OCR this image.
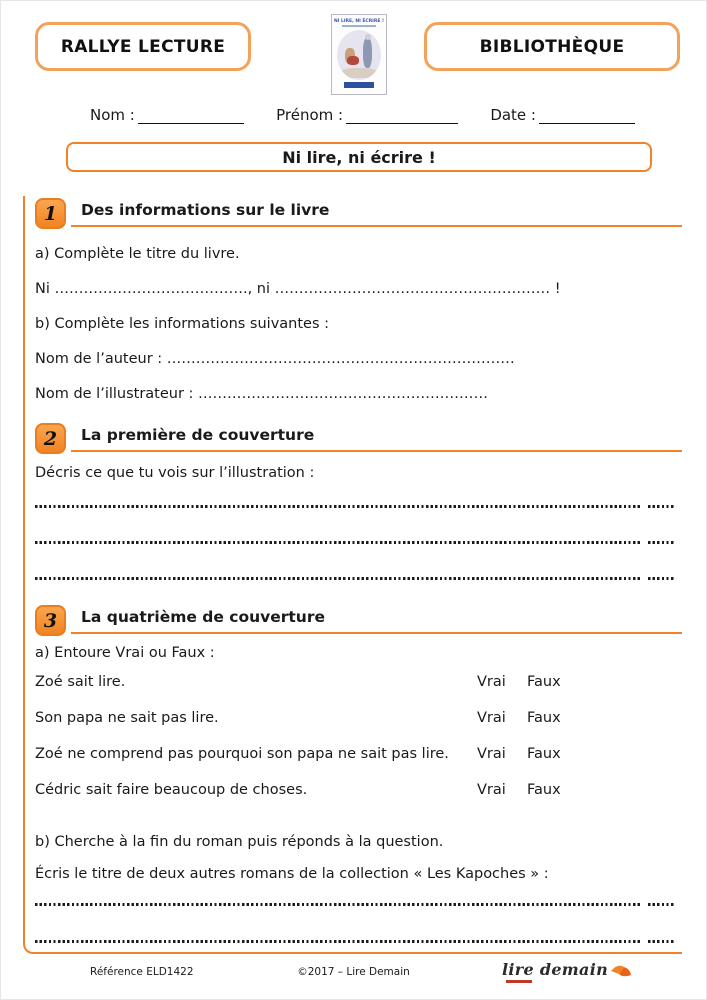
RALLYE LECTURE
NI LIRE, NI ÉCRIRE !
BIBLIOTHÈQUE
Nom :	Prénom :	Date :
Ni lire, ni écrire !
1	Des informations sur le livre

a) Complète le titre du livre.

Ni …………………………………., ni ………………………………………………… !

b) Complète les informations suivantes :

Nom de l’auteur : ………………………………………………………………

Nom de l’illustrateur : ……………………………………………………

2	La première de couverture

Décris ce que tu vois sur l’illustration :

3	La quatrième de couverture

a) Entoure Vrai ou Faux :

Zoé sait lire.	Vrai	Faux
Son papa ne sait pas lire.	Vrai	Faux
Zoé ne comprend pas pourquoi son papa ne sait pas lire.	Vrai	Faux
Cédric sait faire beaucoup de choses.	Vrai	Faux

b) Cherche à la fin du roman puis réponds à la question.

Écris le titre de deux autres romans de la collection « Les Kapoches » :

Référence ELD1422	©2017 – Lire Demain	lire demain
